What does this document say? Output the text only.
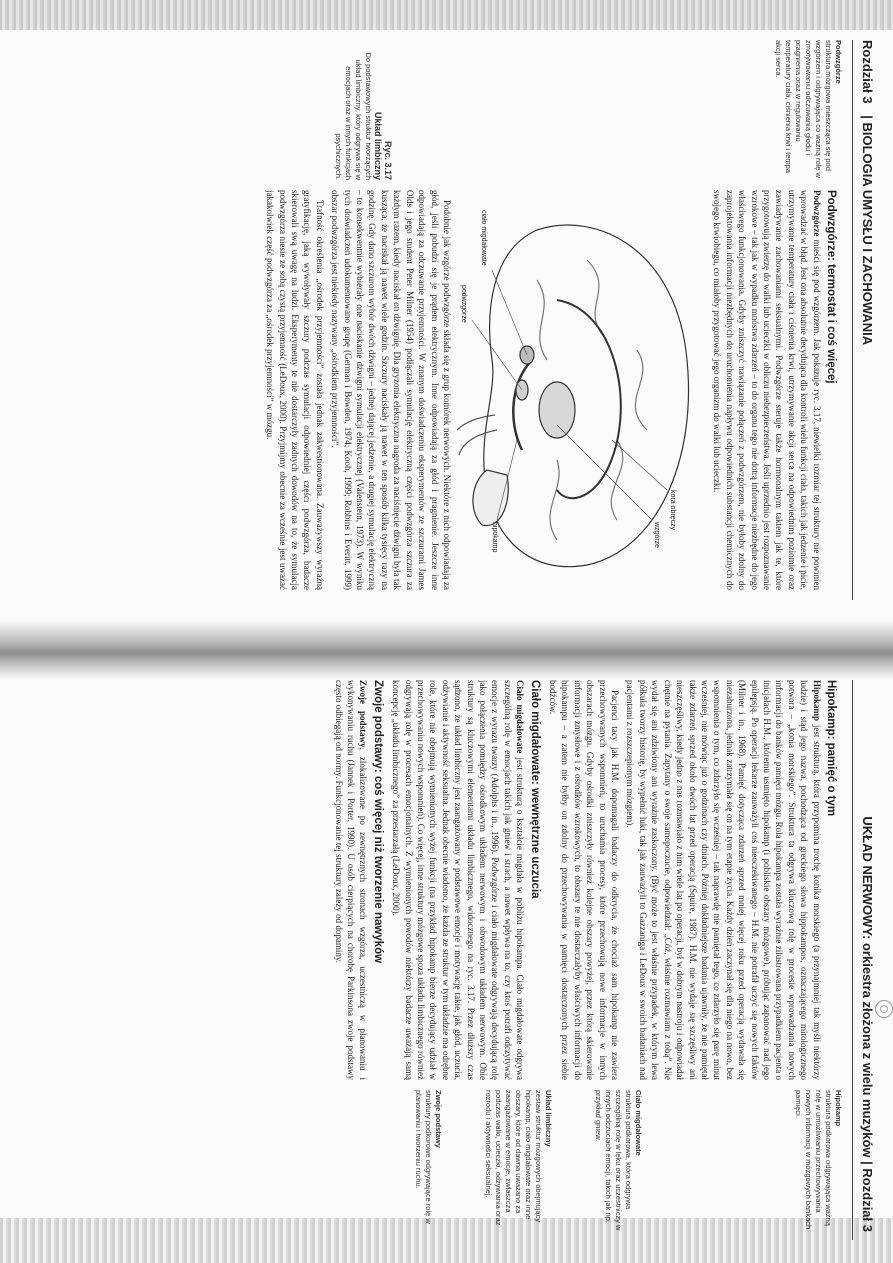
Rozdział 3 | BIOLOGIA UMYSŁU I ZACHOWANIA
Podwzgórze
struktura mózgowa mieszcząca się pod wzgórzem i odgrywająca co ważną rolę w zmotywowaniu odczuwania głodu i pragnienia oraz w regulowaniu temperatury ciała, ciśnienia krwi i tempa akcji serca.
Ryc. 3.17
Układ limbiczny
Do podstawowych struktur tworzących układ limbiczny, który odgrywa się w emocjach oraz w innych funkcjach psychicznych.
Podwzgórze: termostat i coś więcej

Podwzgórze mieści się pod wzgórzem. Jak pokazuje ryc. 3.17, niewielki rozmiar tej struktury nie powinien wprowadzać w błąd. Jest ona absolutnie decydująca dla kontroli wielu funkcji ciała, takich jak jedzenie i picie, utrzymywanie temperatury ciała i ciśnienia krwi, utrzymywanie akcji serca na odpowiednim poziomie oraz zawiadywanie zachowaniami seksualnymi. Podwzgórze steruje także hormonalnym taktem jak te, które przygotowują zwierzę do walki lub ucieczki w obliczu niebezpieczeństwa. Jeśli uprzednio jest rozpoznawanie wzrokowe – tak jak w wypadku mnóstwa zdarzeń – to do organu tego nie dotrą informacje niezbędne do jego właściwego funkcjonowania. Gdyby zniszczyć nawiązanie połączeń z podwzgórzem, nie byłoby zdolny do zaprojektowania informacji niezbędnych do uruchomienia napływu odpowiednich substancji chemicznych do swojego krwiobiegu, co miałoby przygotować jego organizm do walki lub ucieczki.

kora obręczy
wzgórze
hipokamp
ciało migdałowate
podwzgórze

Podobnie jak wzgórze podwzgórze składa się z grup komórek nerwowych. Niektóre z nich odpowiadają za głód, jeśli pobudzi się je prądem elektrycznym. Inne odpowiadają za głód i pragnienie. Jeszcze inne odpowiadają za odczuwanie przyjemności. W znanym doświadczeniu eksperymentów ze szczurami James Olds i jego student Peter Milner (1954) podłączali symulację elektryczną części podwzgórza szczura za każdym razem, kiedy naciskał on dźwignię. Dla gryzonia elektryczna nagroda za naciśnięcie dźwigni była tak kusząca, że naciskał ją nawet wiele godzin. Szczury naciskały ją nawet w ten sposób kilka tysięcy razy na godzinę. Gdy dano szczurom wybór dwóch dźwigni – jednej dającej jedzenie, a drugiej symulację elektryczną – to konsekwentnie wybierały one naciskanie dźwigni symulacji elektrycznej (Valenstein, 1973). W wyniku tych doświadczeń udokumentowano grupę (German i Bowden, 1974; Koob, 1999; Robbins i Everitt, 1999) obszar podwzgórza jest niekiedy nazywany „ośrodkiem przyjemności”.

Trafność określenia „ośrodek przyjemności” została jednak zakwestionowana. Zauważywszy wyraźną gratyfikację, jaką wywoływały szczury podczas symulacji odpowiedniej części podwzgórza, badacze skierowali swą uwagę na ludzi. Eksperymenty te nie dostarczyły żadnych dowodów na to, że symulacja podwzgórza niesie ze sobą czystą przyjemność (LeDoux, 2000). Przyjmijmy obecnie za wcześnie jest uważać jakakolwiek część podwzgórza za „ośrodek przyjemności” w mózgu.

UKŁAD NERWOWY: orkiestra złożona z wielu muzyków | Rozdział 3
Hipokamp: pamięć o tym

Hipokamp jest strukturą, która przypomina trochę konika morskiego (a przynajmniej tak myśli niektórzy ludzie) i stąd jego nazwa, pochodząca od greckiego słowa hippokampos, oznaczającego mitologicznego potwora – „konia morskiego”. Struktura ta odgrywa kluczową rolę w procesie wprowadzania nowych informacji do banków pamięci mózgu. Rola hipokampa została wyraźnie zilustrowana przypadkiem pacjenta o inicjałach H.M., któremu usunięto hipokamp (i pobliskie obszary mózgowe), próbując zapanować nad jego epilepsją. Po operacji lekarze zauważyli coś nieoczekiwanego – H.M. nie potrafił uczyć się nowych faktów (Milner i in., 1968). Pamięć dotycząca zdarzeń sprzed mniej więcej roku przed operacją wydawała się niezaburzona, jednak zatrzymała się on na tym etapie życia. Każdy dzień zaczynał się dla niego na nowo, bez wspomnienia o tym, co zdarzyło się wcześniej – tak naprawdę nie pamiętał tego, co zdarzyło się parę minut wcześniej, nie mówiąc już o godzinach czy dniach. Później dokładniejsze badania ujawniły, że nie pamiętał także zdarzeń sprzed około dwóch lat przed operacją (Squire, 1987). H.M. nie wydaje się szczęśliwy ani nieszczęśliwy, kiedy jedno z nas rozmawiało z nim wiele lat po operacji, był w dobrym nastroju i odpowiadał chętnie na pytania. Zapytany o swoje samopoczucie, odpowiedział: „Cóż, właśnie rozmawiam z tobą”. Nie wydał się ani zdziwiony ani wyraźnie zaskoczony. (Być może to jest właśnie przypadek, w którym lewa półkula tworzy historię, by wypełnić luki, tak jak zauważyli to Gazzaniga i LeDoux w swoich badaniach nad pacjentami z rozszczepionym mózgiem).

Pacjenci tacy jak H.M. dopomagali badaczy do odkrycia, że chociaż sam hipokamp nie zawiera przechowywanych wspomnień, to uruchamia procesy, które przechowują nowe informacje w innych obszarach mózgu. Gdyby ośrodki zniszczyły również kolejne obszary powyżej, przez którą skierowanie informacji zmysłowe i z ośrodków wzrokowych, to obszary te nie dostarczałyby właściwych informacji do hipokampu – a zatem nie byłby on zdolny do przechowywania w pamięci dostarczonych przez siebie bodźców.

Ciało migdałowate: wewnętrzne uczucia

Ciało migdałowate jest strukturą o kształcie migdała w pobliżu hipokampa. Ciało migdałowate odgrywa szczególną rolę w emocjach takich jak gniew i strach, a nawet wpływa na to, czy ktoś potrafi odczytywać emocje z wyrazu twarzy (Adolphs i in., 1996). Podwzgórze i ciało migdałowate odgrywają decydującą rolę jako połączenia pomiędzy ośrodkowym układem nerwowym i obwodowym układem nerwowym. Obie struktury są kluczowymi elementami układu limbicznego, widocznego na ryc. 3.17. Przez dłuższy czas sądzono, że układ limbiczny jest zaangażowany w podstawowe emocje i motywację takie, jak głód, uczucia, odżywianie i aktywność seksualna. Jednak obecnie wiadomo, że każda ze struktur w tym układzie ma odrębne role, które nie obejmują wymienionych wyżej funkcji (na przykład hipokamp bierze decydujący udział w przechowywaniu nowych wspomnień). Co więcej, inne struktury mózgowe spoza układu limbicznego również odgrywają rolę w procesach emocjonalnych. Z wymienionych powodów niektórzy badacze uważają samą koncepcję „układu limbicznego” za przestarzałą (LeDoux, 2000).

Zwoje podstawy: coś więcej niż tworzenie nawyków

Zwoje podstawy, zlokalizowane po zewnętrznych stronach wzgórza, uczestniczą w planowaniu i wykonywaniu ruchu (Jannek i Porter, 1990). U osób cierpiących na chorobę Parkinsona zwoje podstawy często odbiegają od normy. Funkcjonowanie tej struktury zależy od dopaminy.

Hipokamp
struktura podkorowa odgrywająca ważną rolę w umożliwianiu przechowywania nowych informacji w mózgowych bankach pamięci.
Ciało migdałowate
struktura podkorowa, która odgrywa szczególną rolę w lęku oraz uczestniczy w innych odczuciach emocji, takich jak np. przykład gniew.
Układ limbiczny
zestaw struktur mózgowych obejmujący hipokamp, ciało migdałowate oraz inne obszary, które od dawna uważano za zaangażowane w emocje, zwłaszcza podczas walki, ucieczki, odżywiania oraz rozrodu i aktywności seksualnej.
Zwoje podstawy
struktury podkorowe odgrywające rolę w planowaniu i tworzeniu ruchu.
